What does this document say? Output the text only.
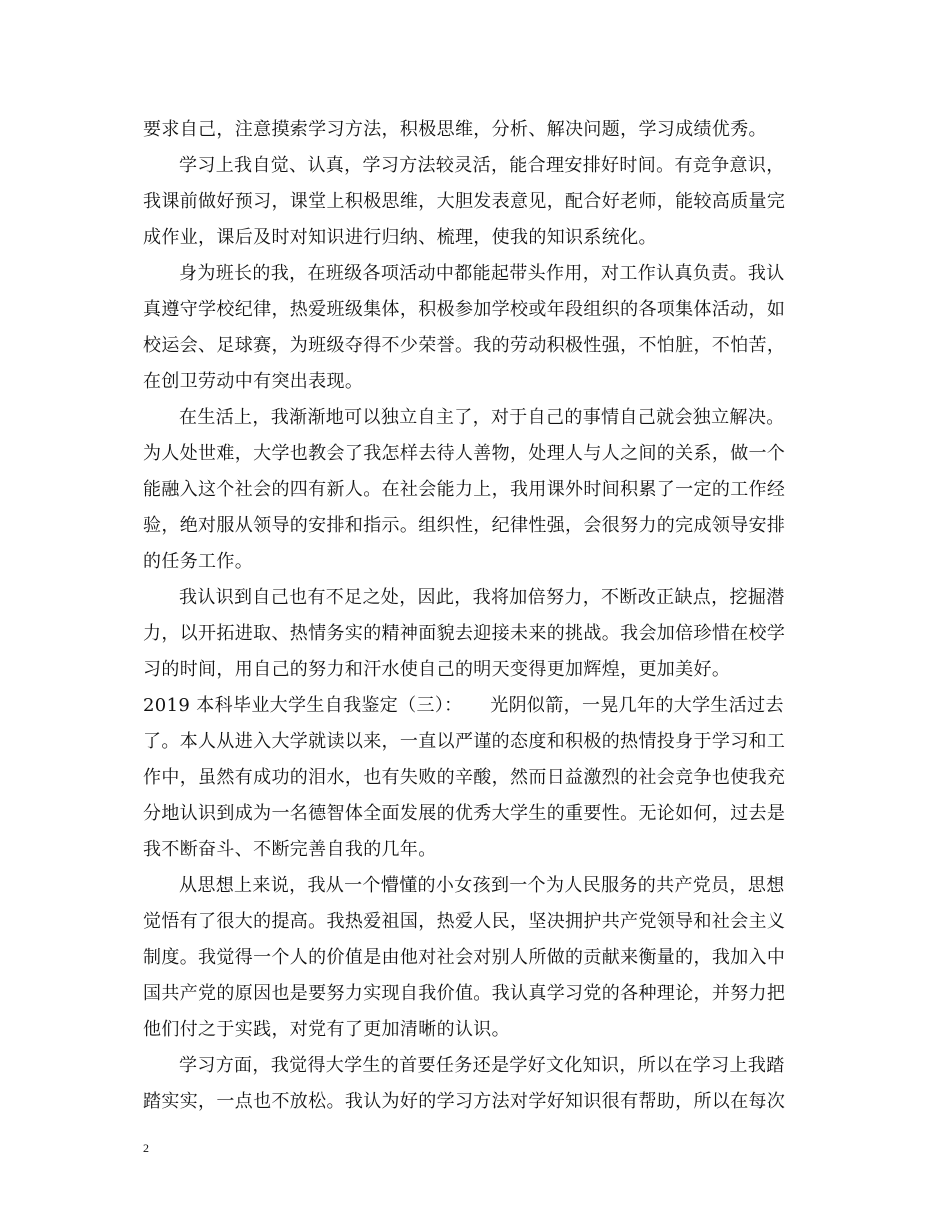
要求自己，注意摸索学习方法，积极思维，分析、解决问题，学习成绩优秀。
学习上我自觉、认真，学习方法较灵活，能合理安排好时间。有竞争意识，
我课前做好预习，课堂上积极思维，大胆发表意见，配合好老师，能较高质量完
成作业，课后及时对知识进行归纳、梳理，使我的知识系统化。
身为班长的我，在班级各项活动中都能起带头作用，对工作认真负责。我认
真遵守学校纪律，热爱班级集体，积极参加学校或年段组织的各项集体活动，如
校运会、足球赛，为班级夺得不少荣誉。我的劳动积极性强，不怕脏，不怕苦，
在创卫劳动中有突出表现。
在生活上，我渐渐地可以独立自主了，对于自己的事情自己就会独立解决。
为人处世难，大学也教会了我怎样去待人善物，处理人与人之间的关系，做一个
能融入这个社会的四有新人。在社会能力上，我用课外时间积累了一定的工作经
验，绝对服从领导的安排和指示。组织性，纪律性强，会很努力的完成领导安排
的任务工作。
我认识到自己也有不足之处，因此，我将加倍努力，不断改正缺点，挖掘潜
力，以开拓进取、热情务实的精神面貌去迎接未来的挑战。我会加倍珍惜在校学
习的时间，用自己的努力和汗水使自己的明天变得更加辉煌，更加美好。
2019 本科毕业大学生自我鉴定（三）：　　光阴似箭，一晃几年的大学生活过去
了。本人从进入大学就读以来，一直以严谨的态度和积极的热情投身于学习和工
作中，虽然有成功的泪水，也有失败的辛酸，然而日益激烈的社会竞争也使我充
分地认识到成为一名德智体全面发展的优秀大学生的重要性。无论如何，过去是
我不断奋斗、不断完善自我的几年。
从思想上来说，我从一个懵懂的小女孩到一个为人民服务的共产党员，思想
觉悟有了很大的提高。我热爱祖国，热爱人民，坚决拥护共产党领导和社会主义
制度。我觉得一个人的价值是由他对社会对别人所做的贡献来衡量的，我加入中
国共产党的原因也是要努力实现自我价值。我认真学习党的各种理论，并努力把
他们付之于实践，对党有了更加清晰的认识。
学习方面，我觉得大学生的首要任务还是学好文化知识，所以在学习上我踏
踏实实，一点也不放松。我认为好的学习方法对学好知识很有帮助，所以在每次
2
